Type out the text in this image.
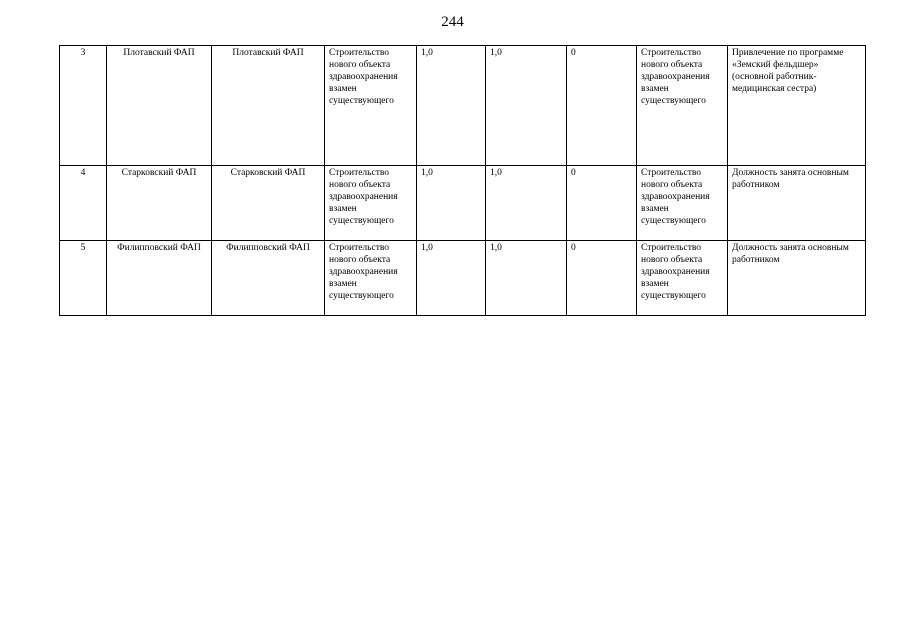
244
3	Плотавский ФАП	Плотавский ФАП	Строительство нового объекта здравоохранения взамен существующего	1,0	1,0	0	Строительство нового объекта здравоохранения взамен существующего	Привлечение по программе «Земский фельдшер» (основной работник- медицинская сестра)
4	Старковский ФАП	Старковский ФАП	Строительство нового объекта здравоохранения взамен существующего	1,0	1,0	0	Строительство нового объекта здравоохранения взамен существующего	Должность занята основным работником
5	Филипповский ФАП	Филипповский ФАП	Строительство нового объекта здравоохранения взамен существующего	1,0	1,0	0	Строительство нового объекта здравоохранения взамен существующего	Должность занята основным работником
